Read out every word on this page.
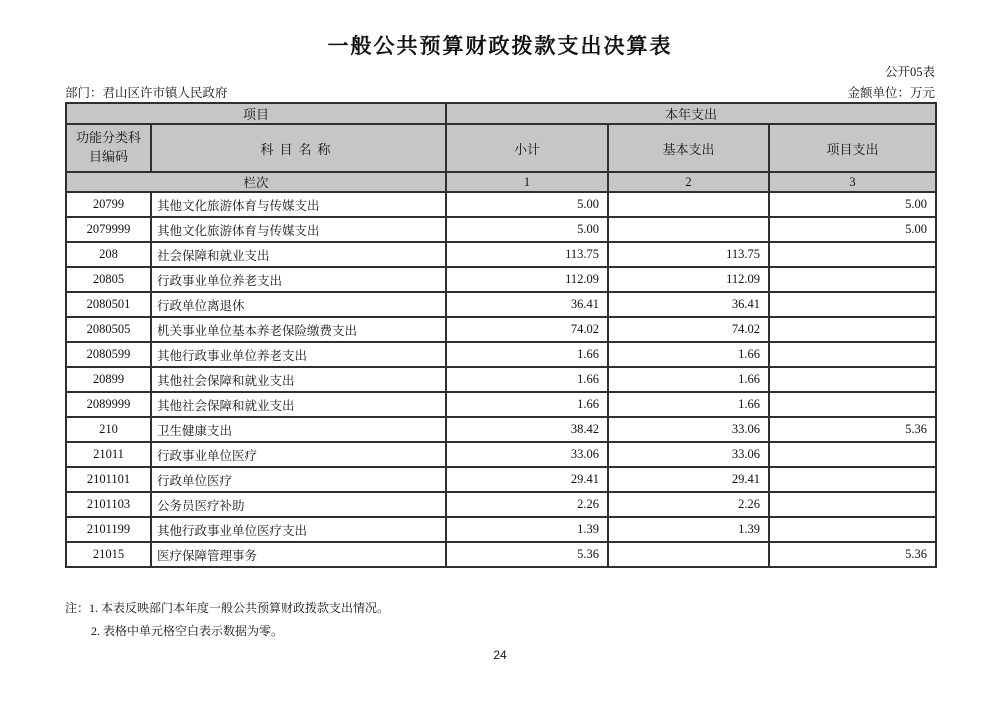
一般公共预算财政拨款支出决算表
公开05表
部门：君山区许市镇人民政府	金额单位：万元
项目		本年支出		
功能分类科目编码	科目名称	小计	基本支出	项目支出
栏次		1	2	3
20799	其他文化旅游体育与传媒支出	5.00		5.00
2079999	其他文化旅游体育与传媒支出	5.00		5.00
208	社会保障和就业支出	113.75	113.75	
20805	行政事业单位养老支出	112.09	112.09	
2080501	行政单位离退休	36.41	36.41	
2080505	机关事业单位基本养老保险缴费支出	74.02	74.02	
2080599	其他行政事业单位养老支出	1.66	1.66	
20899	其他社会保障和就业支出	1.66	1.66	
2089999	其他社会保障和就业支出	1.66	1.66	
210	卫生健康支出	38.42	33.06	5.36
21011	行政事业单位医疗	33.06	33.06	
2101101	行政单位医疗	29.41	29.41	
2101103	公务员医疗补助	2.26	2.26	
2101199	其他行政事业单位医疗支出	1.39	1.39	
21015	医疗保障管理事务	5.36		5.36
注：1. 本表反映部门本年度一般公共预算财政拨款支出情况。
2. 表格中单元格空白表示数据为零。
24
